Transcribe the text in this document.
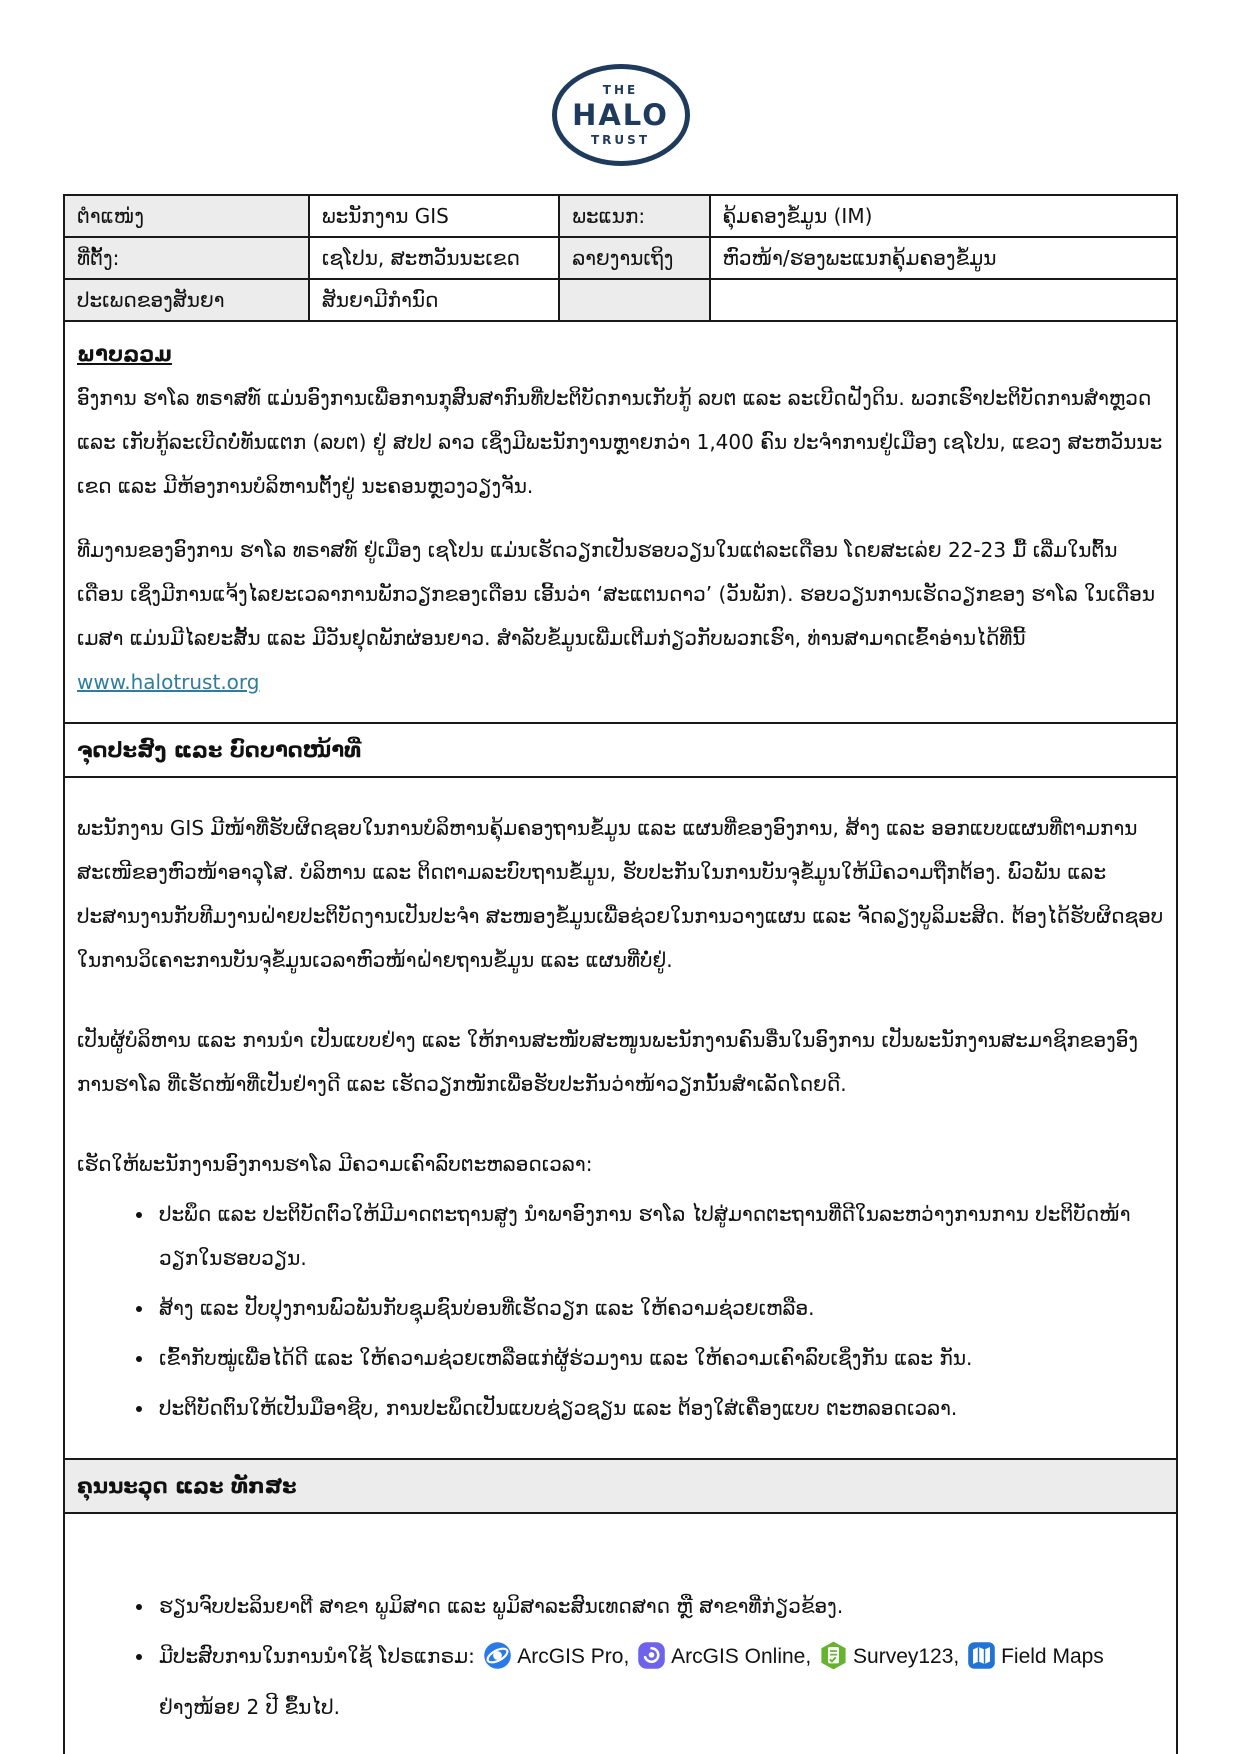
THE
HALO
TRUST
ຕຳແໜ່ງ	ພະນັກງານ GIS	ພະແນກ:	ຄຸ້ມຄອງຂໍ້ມູນ (IM)
ທີ່ຕັ້ງ:	ເຊໂປນ, ສະຫວັນນະເຂດ	ລາຍງານເຖິງ	ຫົວໜ້າ/ຮອງພະແນກຄຸ້ມຄອງຂໍ້ມູນ
ປະເພດຂອງສັນຍາ	ສັນຍາມີກຳນົດ		
ພາບລວມ

ອົງການ ຮາໂລ ທຣາສທ໌ ແມ່ນອົງການເພື່ອການກຸສົນສາກົນທີ່ປະຕິບັດການເກັບກູ້ ລບຕ ແລະ ລະເບີດຝັງດິນ. ພວກເຮົາປະຕິບັດການສຳຫຼວດ ແລະ ເກັບກູ້ລະເບີດບໍ່ທັນແຕກ (ລບຕ) ຢູ່ ສປປ ລາວ ເຊິ່ງມີພະນັກງານຫຼາຍກວ່າ 1,400 ຄົນ ປະຈຳການຢູ່ເມືອງ ເຊໂປນ, ແຂວງ ສະຫວັນນະເຂດ ແລະ ມີຫ້ອງການບໍລິຫານຕັ້ງຢູ່ ນະຄອນຫຼວງວຽງຈັນ.

ທີມງານຂອງອົງການ ຮາໂລ ທຣາສທ໌ ຢູ່ເມືອງ ເຊໂປນ ແມ່ນເຮັດວຽກເປັນຮອບວຽນໃນແຕ່ລະເດືອນ ໂດຍສະເລ່ຍ 22-23 ມື້ ເລີ່ມໃນຕົ້ນເດືອນ ເຊິ່ງມີການແຈ້ງໄລຍະເວລາການພັກວຽກຂອງເດືອນ ເອີ້ນວ່າ ‘ສະແຕນດາວ’ (ວັນພັກ). ຮອບວຽນການເຮັດວຽກຂອງ ຮາໂລ ໃນເດືອນ ເມສາ ແມ່ນມີໄລຍະສັ້ນ ແລະ ມີວັນຢຸດພັກຜ່ອນຍາວ. ສຳລັບຂໍ້ມູນເພີ່ມເຕີມກ່ຽວກັບພວກເຮົາ, ທ່ານສາມາດເຂົ້າອ່ານໄດ້ທີ່ນີ້ www.halotrust.org

ຈຸດປະສົງ ແລະ ບົດບາດໜ້າທີ່

ພະນັກງານ GIS ມີໜ້າທີ່ຮັບຜິດຊອບໃນການບໍລິຫານຄຸ້ມຄອງຖານຂໍ້ມູນ ແລະ ແຜນທີ່ຂອງອົງການ, ສ້າງ ແລະ ອອກແບບແຜນທີ່ຕາມການສະເໜີຂອງຫົວໜ້າອາວຸໂສ. ບໍລິຫານ ແລະ ຕິດຕາມລະບົບຖານຂໍ້ມູນ, ຮັບປະກັນໃນການບັນຈຸຂໍ້ມູນໃຫ້ມີຄວາມຖືກຕ້ອງ. ພົວພັນ ແລະ ປະສານງານກັບທີມງານຝ່າຍປະຕິບັດງານເປັນປະຈຳ ສະໜອງຂໍ້ມູນເພື່ອຊ່ວຍໃນການວາງແຜນ ແລະ ຈັດລຽງບູລິມະສິດ. ຕ້ອງໄດ້ຮັບຜິດຊອບໃນການວິເຄາະການບັນຈຸຂໍ້ມູນເວລາຫົວໜ້າຝ່າຍຖານຂໍ້ມູນ ແລະ ແຜນທີ່ບໍ່ຢູ່.

ເປັນຜູ້ບໍລິຫານ ແລະ ການນຳ ເປັນແບບຢ່າງ ແລະ ໃຫ້ການສະໜັບສະໜູນພະນັກງານຄົນອື່ນໃນອົງການ ເປັນພະນັກງານສະມາຊິກຂອງອົງການຮາໂລ ທີ່ເຮັດໜ້າທີ່ເປັນຢ່າງດີ ແລະ ເຮັດວຽກໜັກເພື່ອຮັບປະກັນວ່າໜ້າວຽກນັ້ນສຳເລັດໂດຍດີ.

ເຮັດໃຫ້ພະນັກງານອົງການຮາໂລ ມີຄວາມເຄົາລົບຕະຫລອດເວລາ:

• ປະພຶດ ແລະ ປະຕິບັດຕົວໃຫ້ມີມາດຕະຖານສູງ ນຳພາອົງການ ຮາໂລ ໄປສູ່ມາດຕະຖານທີ່ດີໃນລະຫວ່າງການການ ປະຕິບັດໜ້າວຽກໃນຮອບວຽນ.
• ສ້າງ ແລະ ປັບປຸງການພົວພັນກັບຊຸມຊົນບ່ອນທີ່ເຮັດວຽກ ແລະ ໃຫ້ຄວາມຊ່ວຍເຫລືອ.
• ເຂົ້າກັບໝູ່ເພື່ອໄດ້ດີ ແລະ ໃຫ້ຄວາມຊ່ວຍເຫລືອແກ່ຜູ້ຮ່ວມງານ ແລະ ໃຫ້ຄວາມເຄົາລົບເຊິ່ງກັນ ແລະ ກັນ.
• ປະຕິບັດຕົນໃຫ້ເປັນມືອາຊີບ, ການປະພຶດເປັນແບບຊ່ຽວຊຽນ ແລະ ຕ້ອງໃສ່ເຄື່ອງແບບ ຕະຫລອດເວລາ.
ຄຸນນະວຸດ ແລະ ທັກສະ
• ຮຽນຈົບປະລິນຍາຕີ ສາຂາ ພູມິສາດ ແລະ ພູມິສາລະສົນເທດສາດ ຫຼື ສາຂາທີ່ກ່ຽວຂ້ອງ.
• ມີປະສົບການໃນການນຳໃຊ້ ໂປຣແກຣມ: ArcGIS Pro, ArcGIS Online, Survey123, Field Maps
ຢ່າງໜ້ອຍ 2 ປີ ຂຶ້ນໄປ.
